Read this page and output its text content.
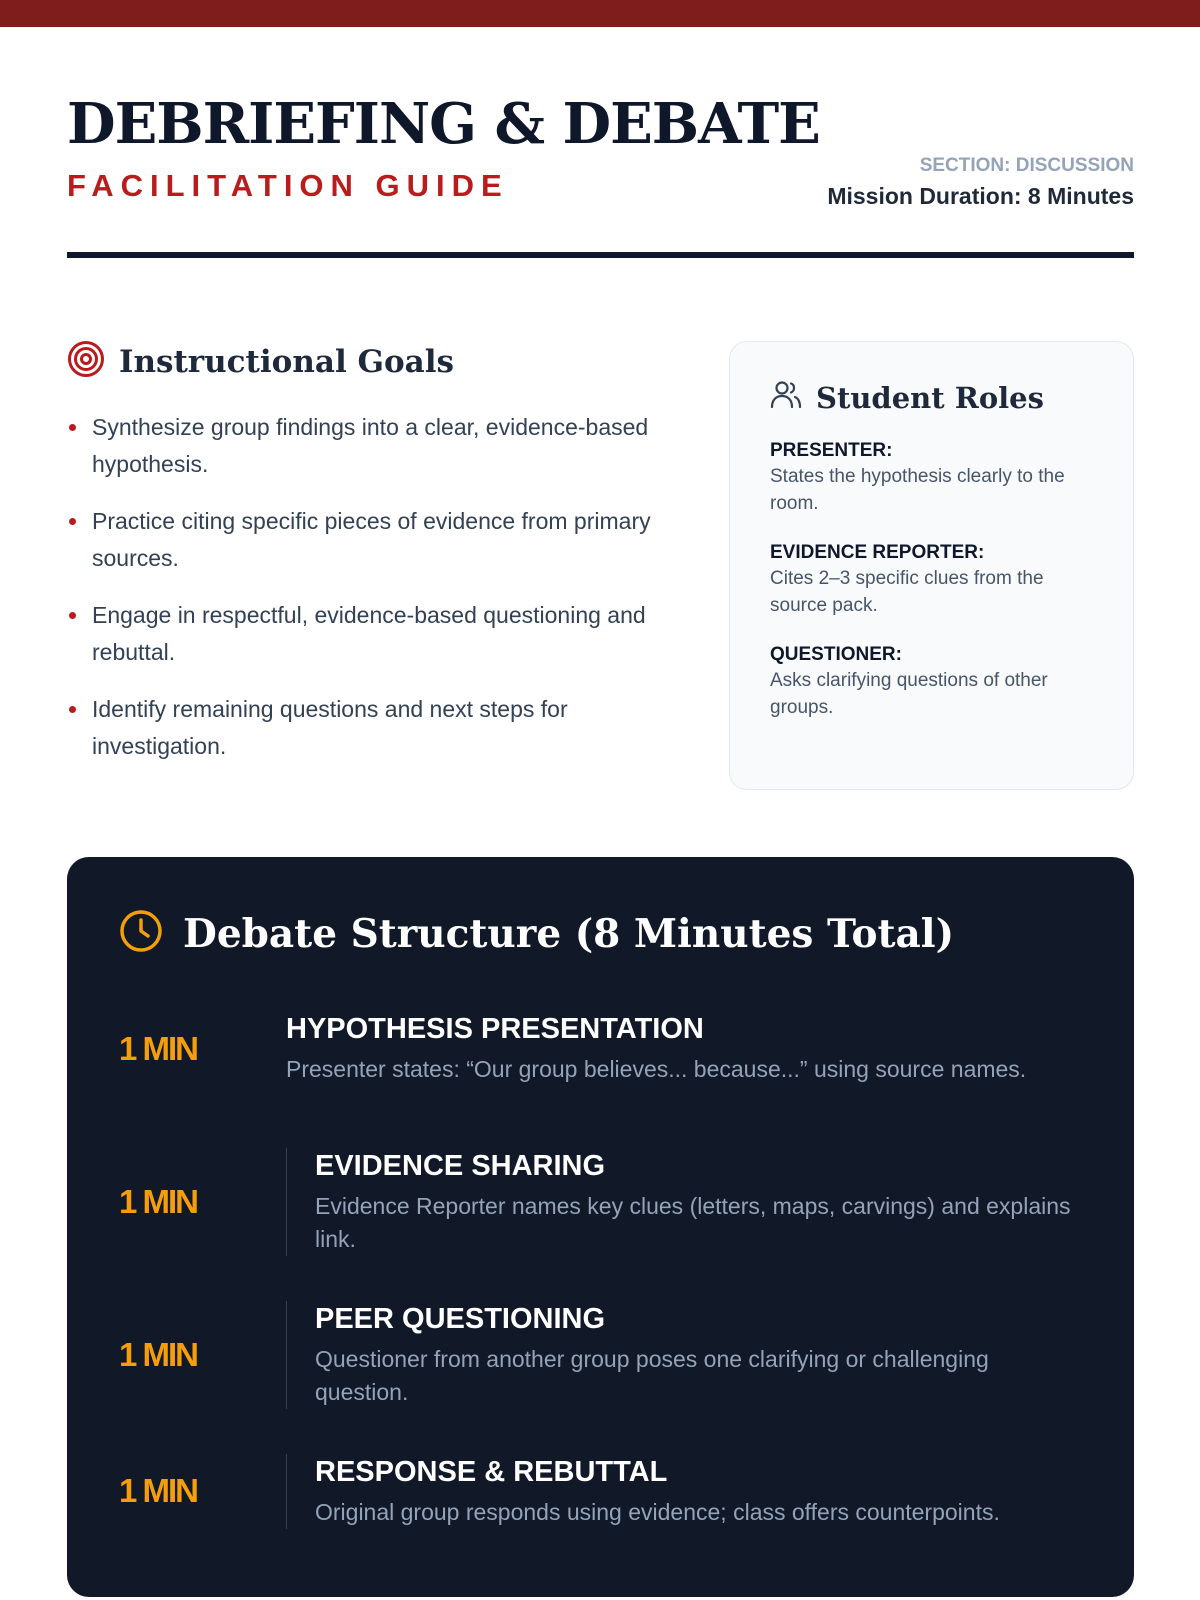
DEBRIEFING & DEBATE
FACILITATION GUIDE
SECTION: DISCUSSION
Mission Duration: 8 Minutes
Instructional Goals
Synthesize group findings into a clear, evidence-based hypothesis.
Practice citing specific pieces of evidence from primary sources.
Engage in respectful, evidence-based questioning and rebuttal.
Identify remaining questions and next steps for investigation.
Student Roles
PRESENTER:
States the hypothesis clearly to the room.
EVIDENCE REPORTER:
Cites 2–3 specific clues from the source pack.
QUESTIONER:
Asks clarifying questions of other groups.
Debate Structure (8 Minutes Total)
1 MIN
HYPOTHESIS PRESENTATION
Presenter states: “Our group believes... because...” using source names.
1 MIN
EVIDENCE SHARING
Evidence Reporter names key clues (letters, maps, carvings) and explains link.
1 MIN
PEER QUESTIONING
Questioner from another group poses one clarifying or challenging question.
1 MIN
RESPONSE & REBUTTAL
Original group responds using evidence; class offers counterpoints.
